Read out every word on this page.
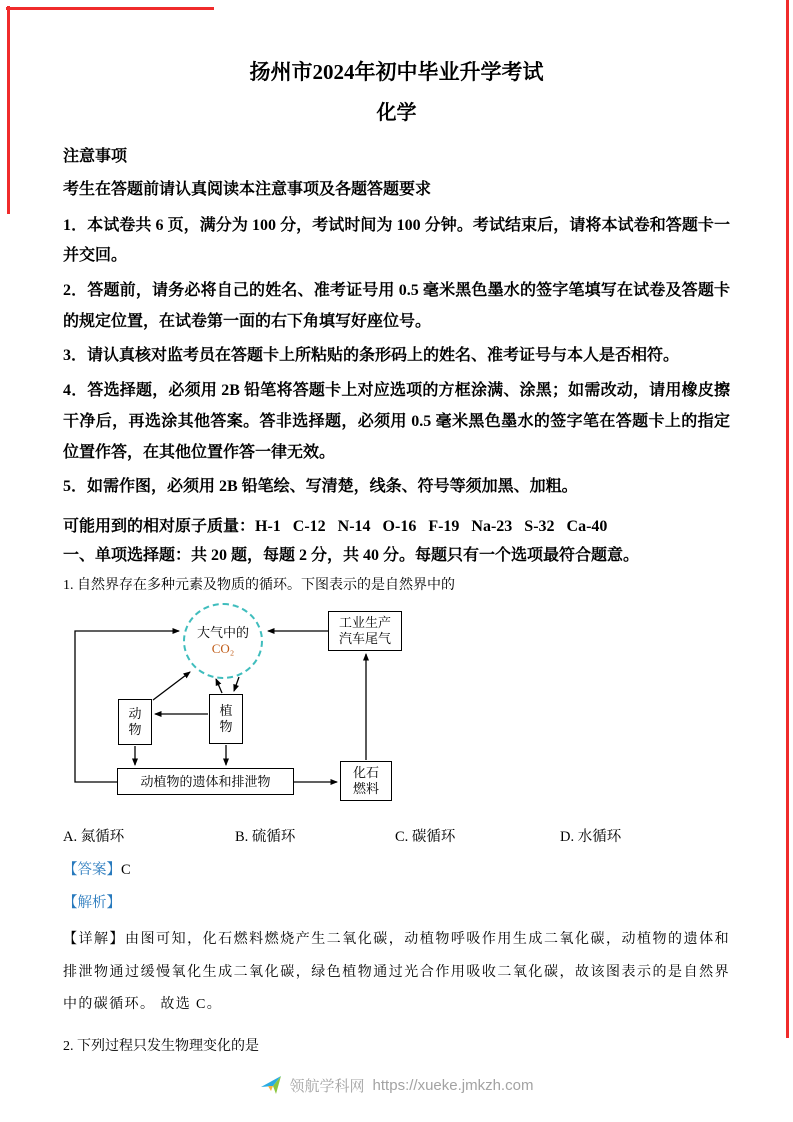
扬州市2024年初中毕业升学考试
化学

注意事项

考生在答题前请认真阅读本注意事项及各题答题要求

1．本试卷共 6 页，满分为 100 分，考试时间为 100 分钟。考试结束后，请将本试卷和答题卡一并交回。

2．答题前，请务必将自己的姓名、准考证号用 0.5 毫米黑色墨水的签字笔填写在试卷及答题卡的规定位置，在试卷第一面的右下角填写好座位号。

3．请认真核对监考员在答题卡上所粘贴的条形码上的姓名、准考证号与本人是否相符。

4．答选择题，必须用 2B 铅笔将答题卡上对应选项的方框涂满、涂黑；如需改动，请用橡皮擦干净后，再选涂其他答案。答非选择题，必须用 0.5 毫米黑色墨水的签字笔在答题卡上的指定位置作答，在其他位置作答一律无效。

5．如需作图，必须用 2B 铅笔绘、写清楚，线条、符号等须加黑、加粗。

可能用到的相对原子质量：H-1   C-12   N-14   O-16   F-19   Na-23   S-32   Ca-40

一、单项选择题：共 20 题，每题 2 分，共 40 分。每题只有一个选项最符合题意。

1. 自然界存在多种元素及物质的循环。下图表示的是自然界中的

大气中的
CO₂
工业生产
汽车尾气
动
物
植
物
动植物的遗体和排泄物
化石
燃料
A. 氮循环	B. 硫循环	C. 碳循环	D. 水循环

【答案】C

【解析】

【详解】由图可知，化石燃料燃烧产生二氧化碳，动植物呼吸作用生成二氧化碳，动植物的遗体和排泄物通过缓慢氧化生成二氧化碳，绿色植物通过光合作用吸收二氧化碳，故该图表示的是自然界中的碳循环。 故选 C。

2. 下列过程只发生物理变化的是

领航学科网 https://xueke.jmkzh.com
